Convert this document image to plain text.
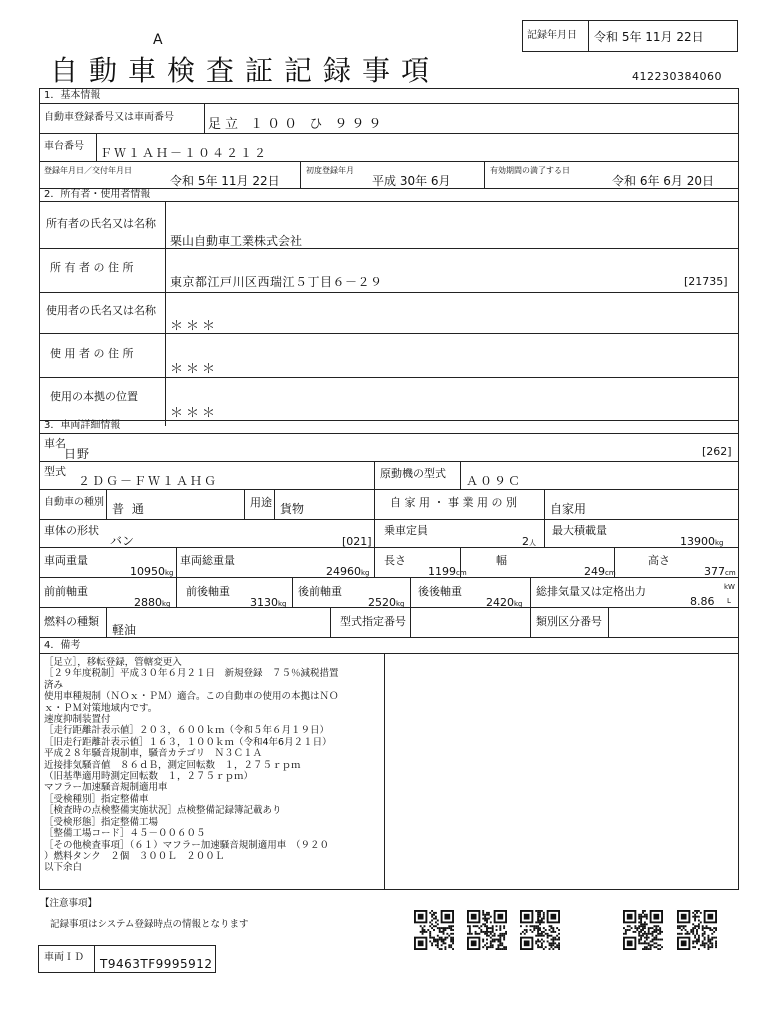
A
自動車検査証記録事項
記録年月日 令和 5年 11月 22日
412230384060
1．基本情報
自動車登録番号又は車両番号	足立 １００ ひ ９９９
車台番号 ＦＷ１ＡＨ－１０４２１２
登録年月日／交付年月日
令和 5年 11月 22日
初度登録年月
平成 30年 6月
有効期間の満了する日
令和 6年 6月 20日
2．所有者・使用者情報
所有者の氏名又は名称
栗山自動車工業株式会社
所 有 者 の 住 所
東京都江戸川区西瑞江５丁目６－２９	[21735]
使用者の氏名又は名称
＊＊＊
使 用 者 の 住 所
＊＊＊
使用の本拠の位置
＊＊＊
3．車両詳細情報
車名
日野	[262]
型式
２ＤＧ－ＦＷ１ＡＨＧ
原動機の型式
Ａ０９Ｃ
自動車の種別 普 通	用途 貨物	自 家 用 ・ 事 業 用 の 別	自家用
車体の形状
バン	[021]
乗車定員
2人
最大積載量
13900kg
車両重量
10950kg
車両総重量
24960kg
長さ
1199cm
幅
249cm
高さ
377cm
前前軸重
2880kg
前後軸重
3130kg
後前軸重
2520kg
後後軸重
2420kg
総排気量又は定格出力
8.86
kW
L
燃料の種類
軽油
型式指定番号	類別区分番号
4．備考
［足立］，移転登録，管轄変更入
［２９年度税制］平成３０年６月２１日　新規登録　７５％減税措置
済み
使用車種規制（ＮＯｘ・ＰＭ）適合。この自動車の使用の本拠はＮＯ
ｘ・ＰＭ対策地域内です。
速度抑制装置付
［走行距離計表示値］２０３，６００ｋｍ（令和５年６月１９日）
［旧走行距離計表示値］１６３，１００ｋｍ（令和4年6月２１日）
平成２８年騒音規制車，騒音カテゴリ　Ｎ３Ｃ１Ａ
近接排気騒音値　８６ｄＢ，測定回転数　１，２７５ｒｐｍ
（旧基準適用時測定回転数　１，２７５ｒｐｍ）
マフラー加速騒音規制適用車
［受検種別］指定整備車
［検査時の点検整備実施状況］点検整備記録簿記載あり
［受検形態］指定整備工場
［整備工場コード］４５－００６０５
［その他検査事項］（６１）マフラー加速騒音規制適用車　（９２０
）燃料タンク　２個　３００Ｌ　２００Ｌ
以下余白
【注意事項】
記録事項はシステム登録時点の情報となります
車両ＩＤ T9463TF9995912
